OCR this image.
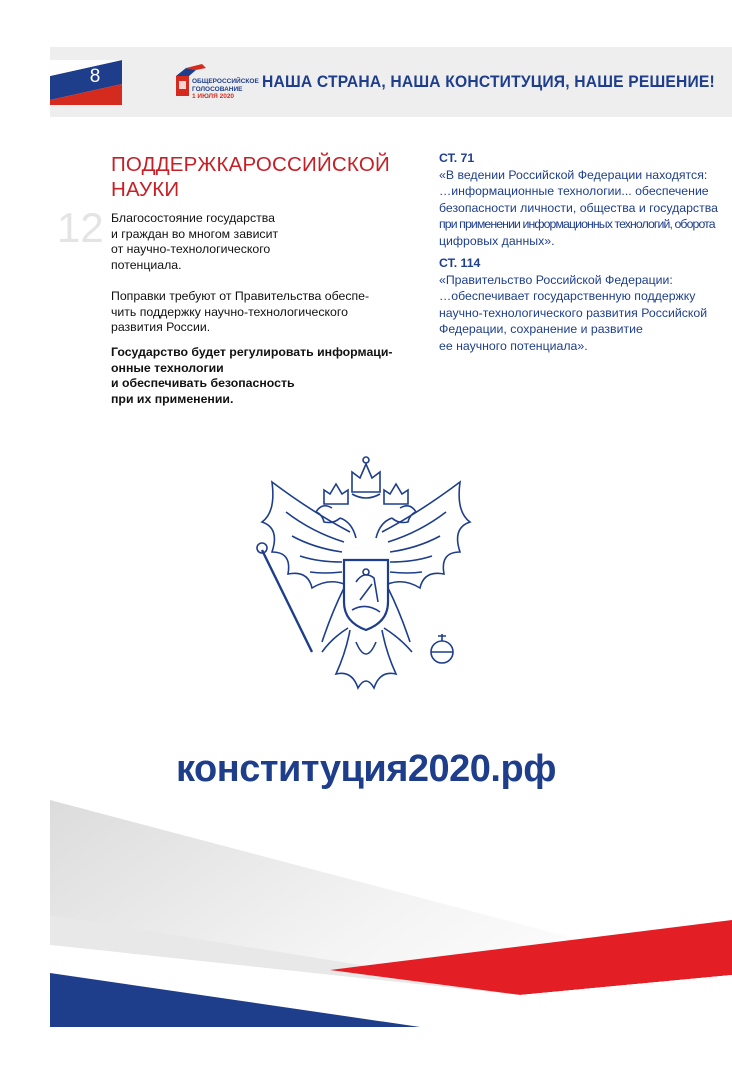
8	ОБЩЕРОССИЙСКОЕ
ГОЛОСОВАНИЕ
1 ИЮЛЯ 2020
НАША СТРАНА, НАША КОНСТИТУЦИЯ, НАШЕ РЕШЕНИЕ!
12
ПОДДЕРЖКАРОССИЙСКОЙ
НАУКИ
Благосостояние государства
и граждан во многом зависит
от научно-технологического
потенциала.
Поправки требуют от Правительства обеспе-
чить поддержку научно-технологического
развития России.
Государство будет регулировать информаци-
онные технологии
и обеспечивать безопасность
при их применении.
СТ. 71
«В ведении Российской Федерации находятся:
…информационные технологии... обеспечение
безопасности личности, общества и государства
при применении информационных технологий, оборота
цифровых данных».
СТ. 114
«Правительство Российской Федерации:
…обеспечивает государственную поддержку
научно-технологического развития Российской
Федерации, сохранение и развитие
ее научного потенциала».
конституция2020.рф
